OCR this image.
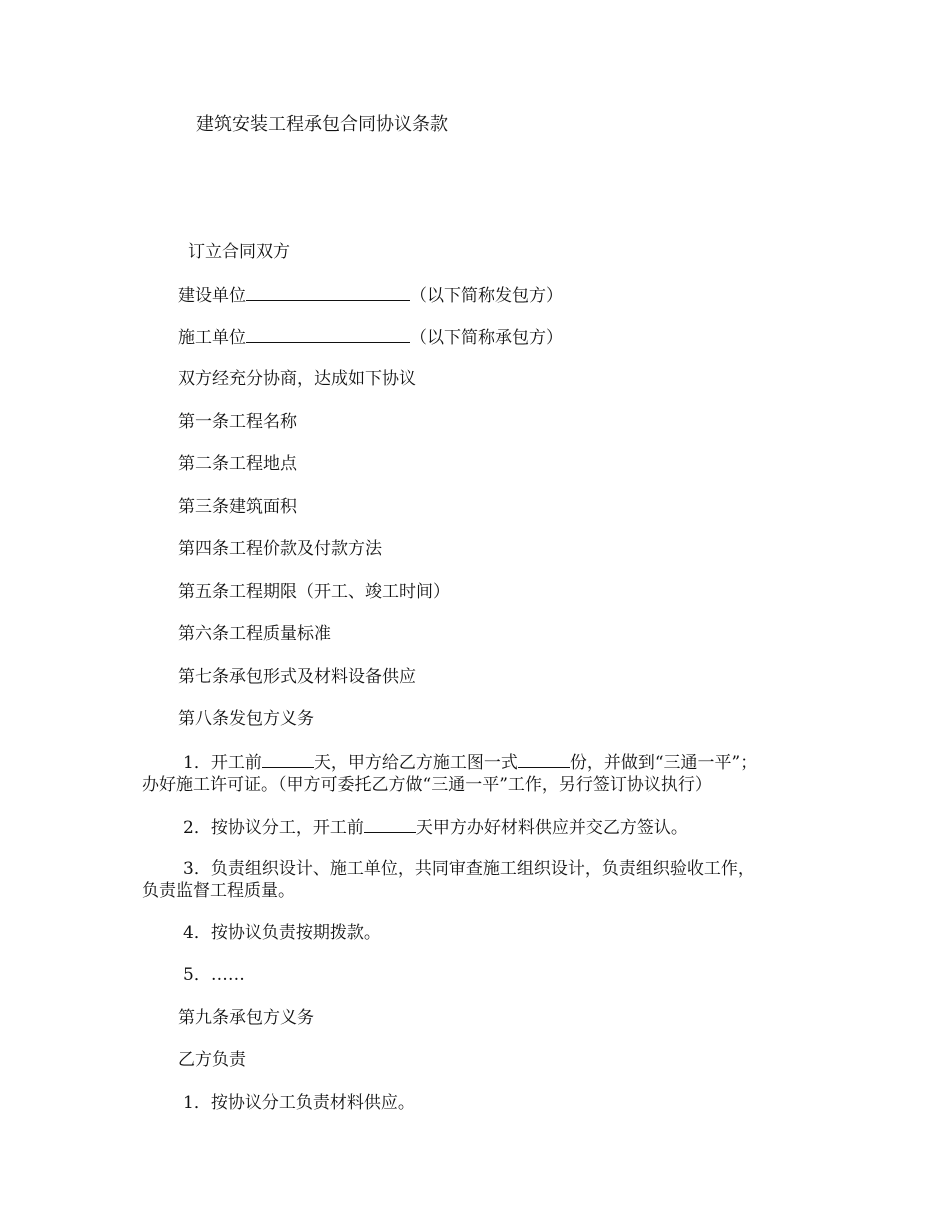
建筑安装工程承包合同协议条款
订立合同双方
建设单位	（以下简称发包方）
施工单位	（以下简称承包方）
双方经充分协商，达成如下协议
第一条工程名称
第二条工程地点
第三条建筑面积
第四条工程价款及付款方法
第五条工程期限（开工、竣工时间）
第六条工程质量标准
第七条承包形式及材料设备供应
第八条发包方义务
1．开工前	天，甲方给乙方施工图一式	份，并做到“三通一平”；
办好施工许可证。（甲方可委托乙方做“三通一平”工作，另行签订协议执行）
2．按协议分工，开工前	天甲方办好材料供应并交乙方签认。
3．负责组织设计、施工单位，共同审查施工组织设计，负责组织验收工作，
负责监督工程质量。
4．按协议负责按期拨款。
5．……
第九条承包方义务
乙方负责
1．按协议分工负责材料供应。
